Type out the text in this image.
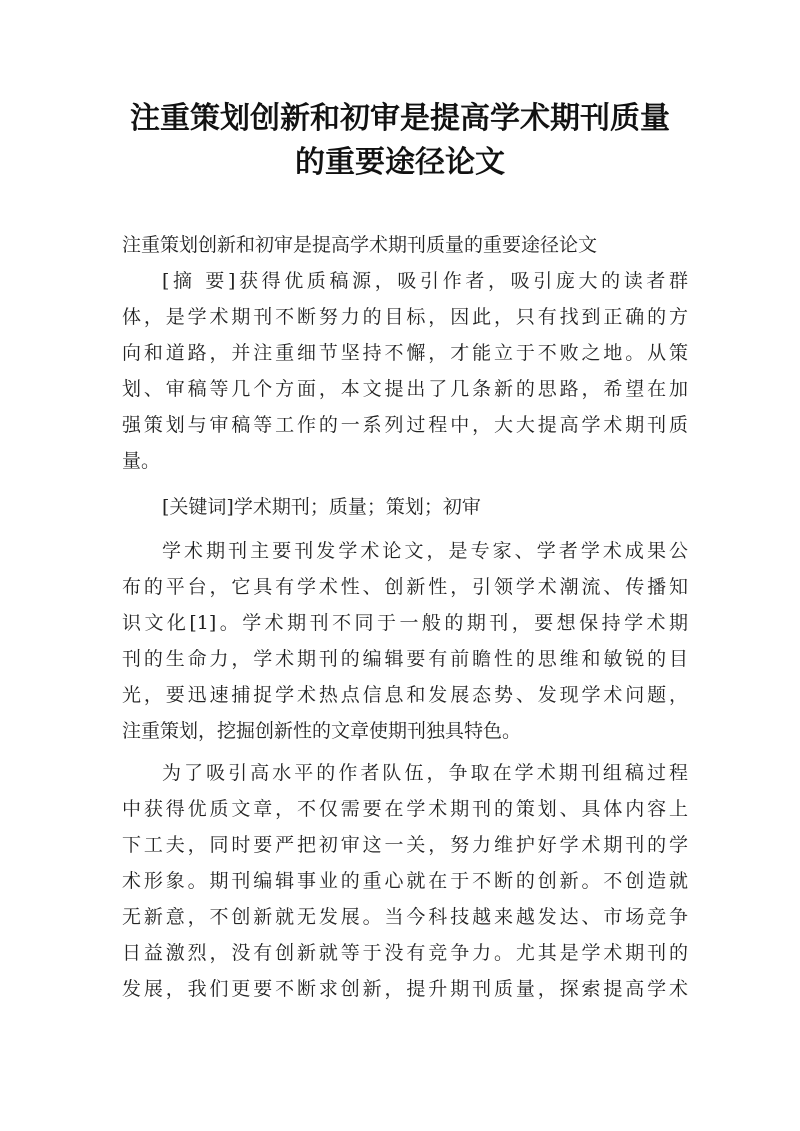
注重策划创新和初审是提高学术期刊质量
的重要途径论文

注重策划创新和初审是提高学术期刊质量的重要途径论文

[摘 要]获得优质稿源，吸引作者，吸引庞大的读者群

体，是学术期刊不断努力的目标，因此，只有找到正确的方

向和道路，并注重细节坚持不懈，才能立于不败之地。从策

划、审稿等几个方面，本文提出了几条新的思路，希望在加

强策划与审稿等工作的一系列过程中，大大提高学术期刊质

量。

[关键词]学术期刊；质量；策划；初审

学术期刊主要刊发学术论文，是专家、学者学术成果公

布的平台，它具有学术性、创新性，引领学术潮流、传播知

识文化[1]。学术期刊不同于一般的期刊，要想保持学术期

刊的生命力，学术期刊的编辑要有前瞻性的思维和敏锐的目

光，要迅速捕捉学术热点信息和发展态势、发现学术问题，

注重策划，挖掘创新性的文章使期刊独具特色。

为了吸引高水平的作者队伍，争取在学术期刊组稿过程

中获得优质文章，不仅需要在学术期刊的策划、具体内容上

下工夫，同时要严把初审这一关，努力维护好学术期刊的学

术形象。期刊编辑事业的重心就在于不断的创新。不创造就

无新意，不创新就无发展。当今科技越来越发达、市场竞争

日益激烈，没有创新就等于没有竞争力。尤其是学术期刊的

发展，我们更要不断求创新，提升期刊质量，探索提高学术
